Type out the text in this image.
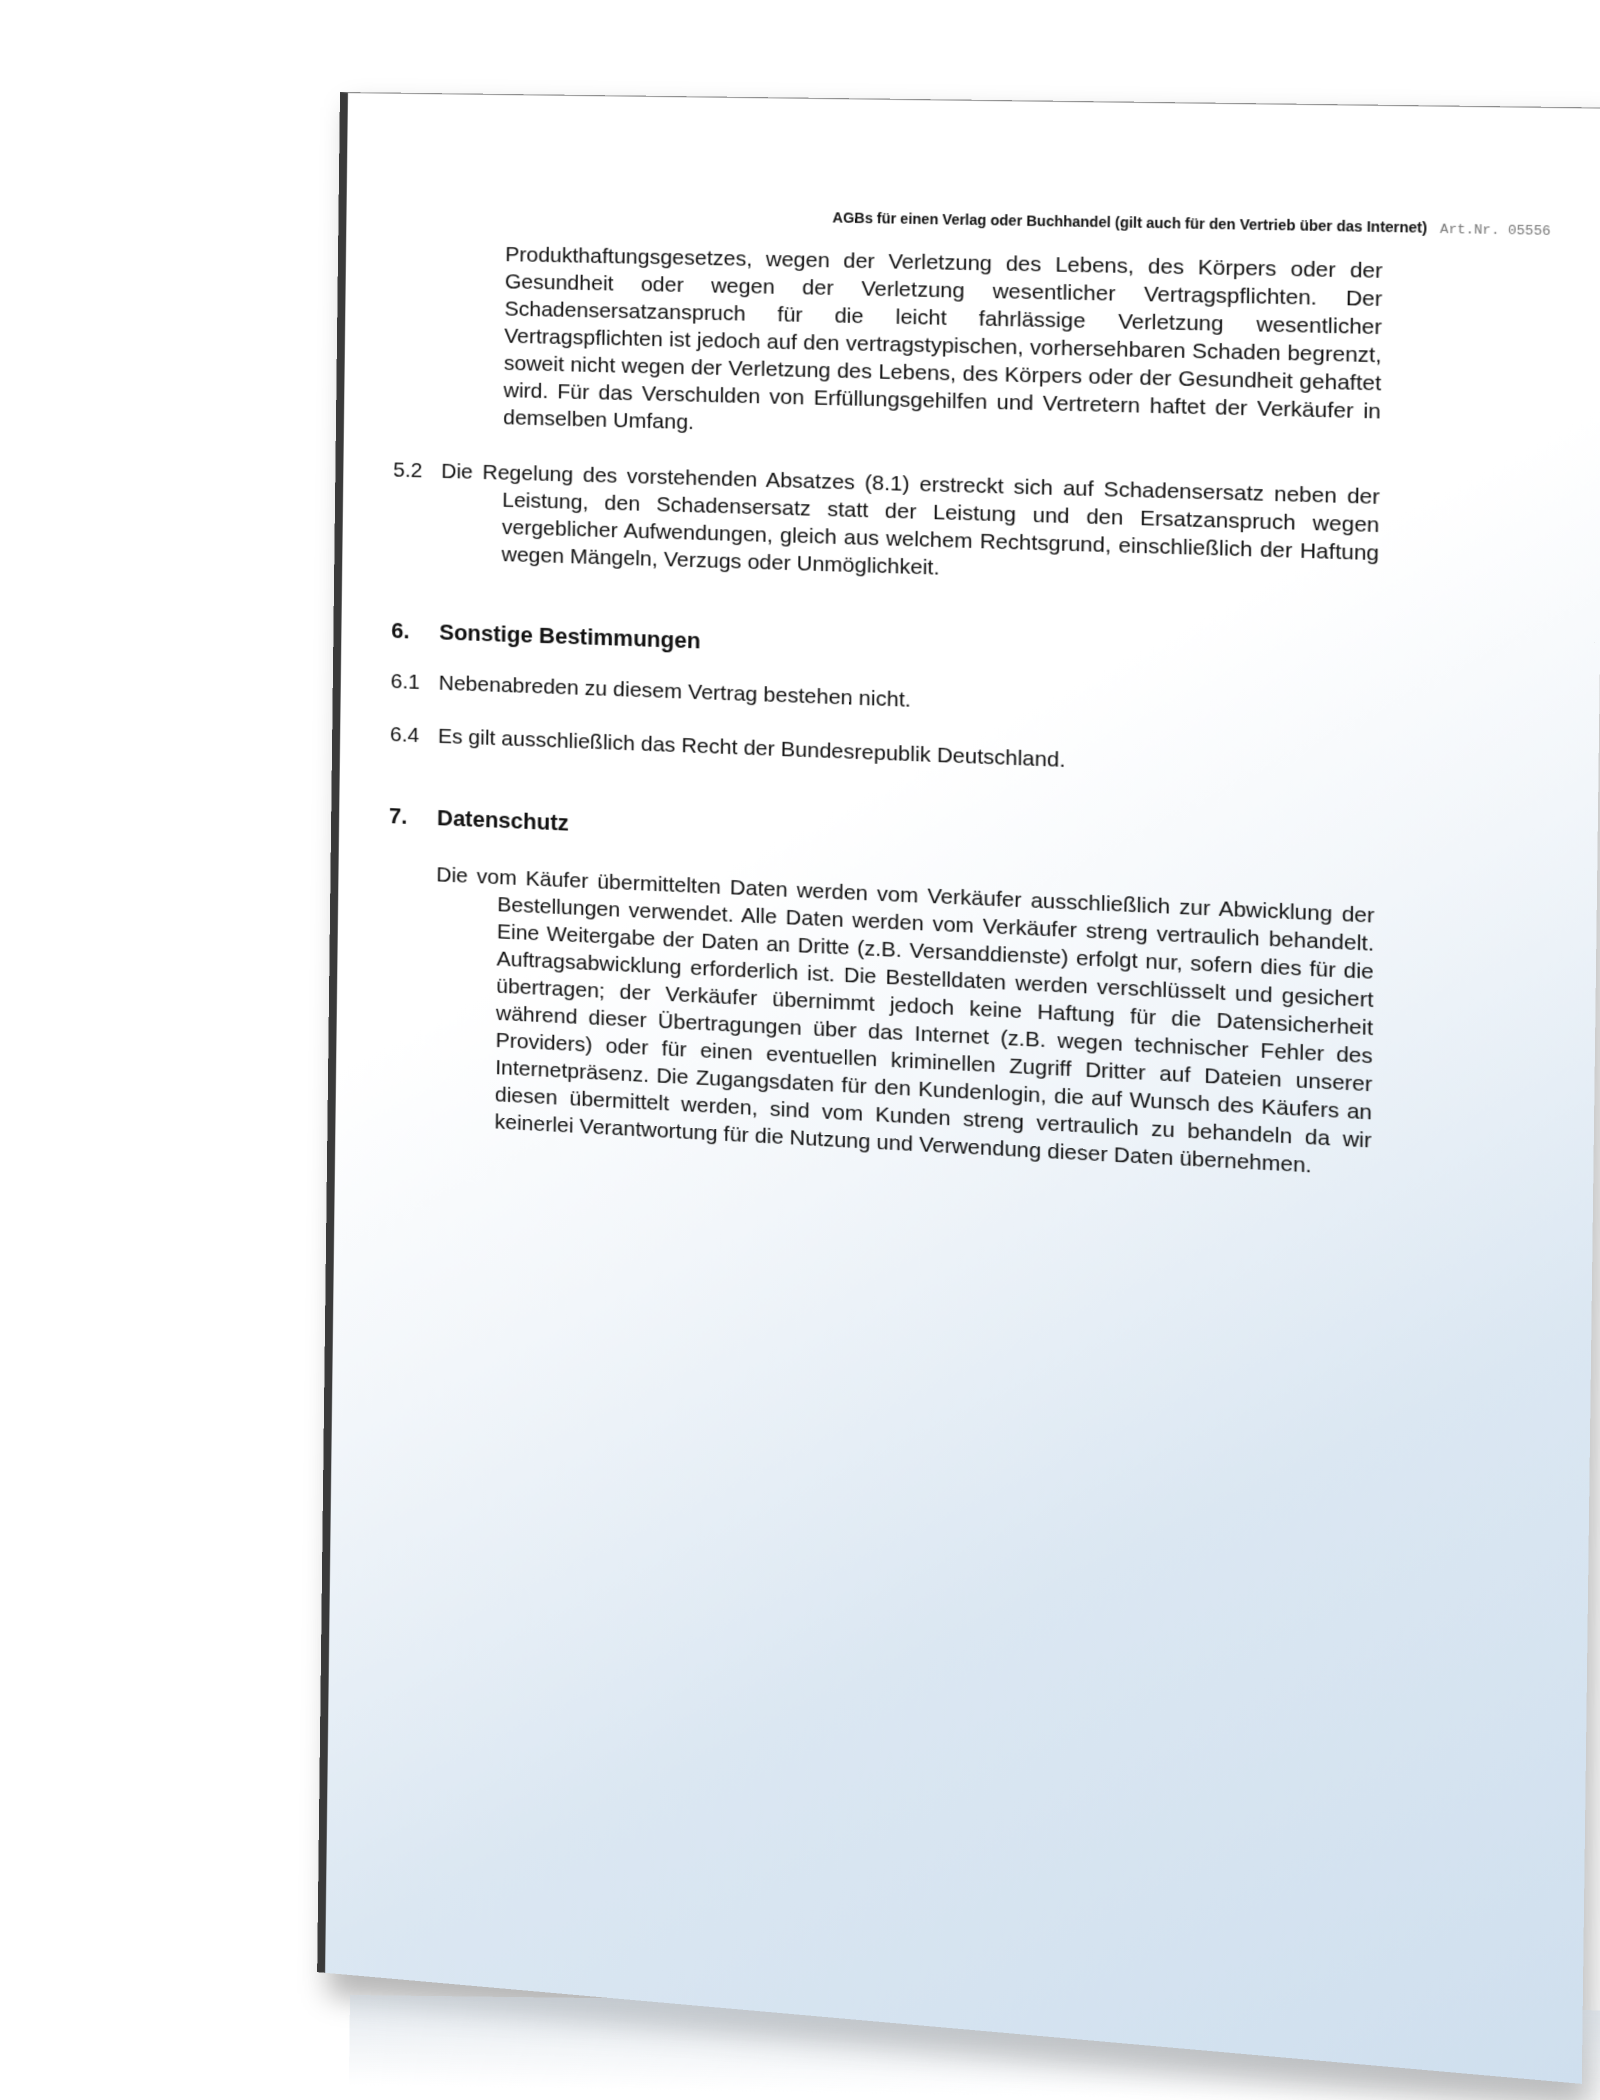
AGBs für einen Verlag oder Buchhandel (gilt auch für den Vertrieb über das Internet) Art.Nr. 05556

Produkthaftungsgesetzes, wegen der Verletzung des Lebens, des Körpers oder der Gesundheit oder wegen der Verletzung wesentlicher Vertragspflichten. Der Schadensersatzanspruch für die leicht fahrlässige Verletzung wesentlicher Vertragspflichten ist jedoch auf den vertragstypischen, vorhersehbaren Schaden begrenzt, soweit nicht wegen der Verletzung des Lebens, des Körpers oder der Gesundheit gehaftet wird. Für das Verschulden von Erfüllungsgehilfen und Vertretern haftet der Verkäufer in demselben Umfang.

5.2 Die Regelung des vorstehenden Absatzes (8.1) erstreckt sich auf Schadensersatz neben der Leistung, den Schadensersatz statt der Leistung und den Ersatzanspruch wegen vergeblicher Aufwendungen, gleich aus welchem Rechtsgrund, einschließlich der Haftung wegen Mängeln, Verzugs oder Unmöglichkeit.

6. Sonstige Bestimmungen

6.1 Nebenabreden zu diesem Vertrag bestehen nicht.

6.4 Es gilt ausschließlich das Recht der Bundesrepublik Deutschland.

7. Datenschutz

Die vom Käufer übermittelten Daten werden vom Verkäufer ausschließlich zur Abwicklung der Bestellungen verwendet. Alle Daten werden vom Verkäufer streng vertraulich behandelt. Eine Weitergabe der Daten an Dritte (z.B. Versanddienste) erfolgt nur, sofern dies für die Auftragsabwicklung erforderlich ist. Die Bestelldaten werden verschlüsselt und gesichert übertragen; der Verkäufer übernimmt jedoch keine Haftung für die Datensicherheit während dieser Übertragungen über das Internet (z.B. wegen technischer Fehler des Providers) oder für einen eventuellen kriminellen Zugriff Dritter auf Dateien unserer Internetpräsenz. Die Zugangsdaten für den Kundenlogin, die auf Wunsch des Käufers an diesen übermittelt werden, sind vom Kunden streng vertraulich zu behandeln da wir keinerlei Verantwortung für die Nutzung und Verwendung dieser Daten übernehmen.
